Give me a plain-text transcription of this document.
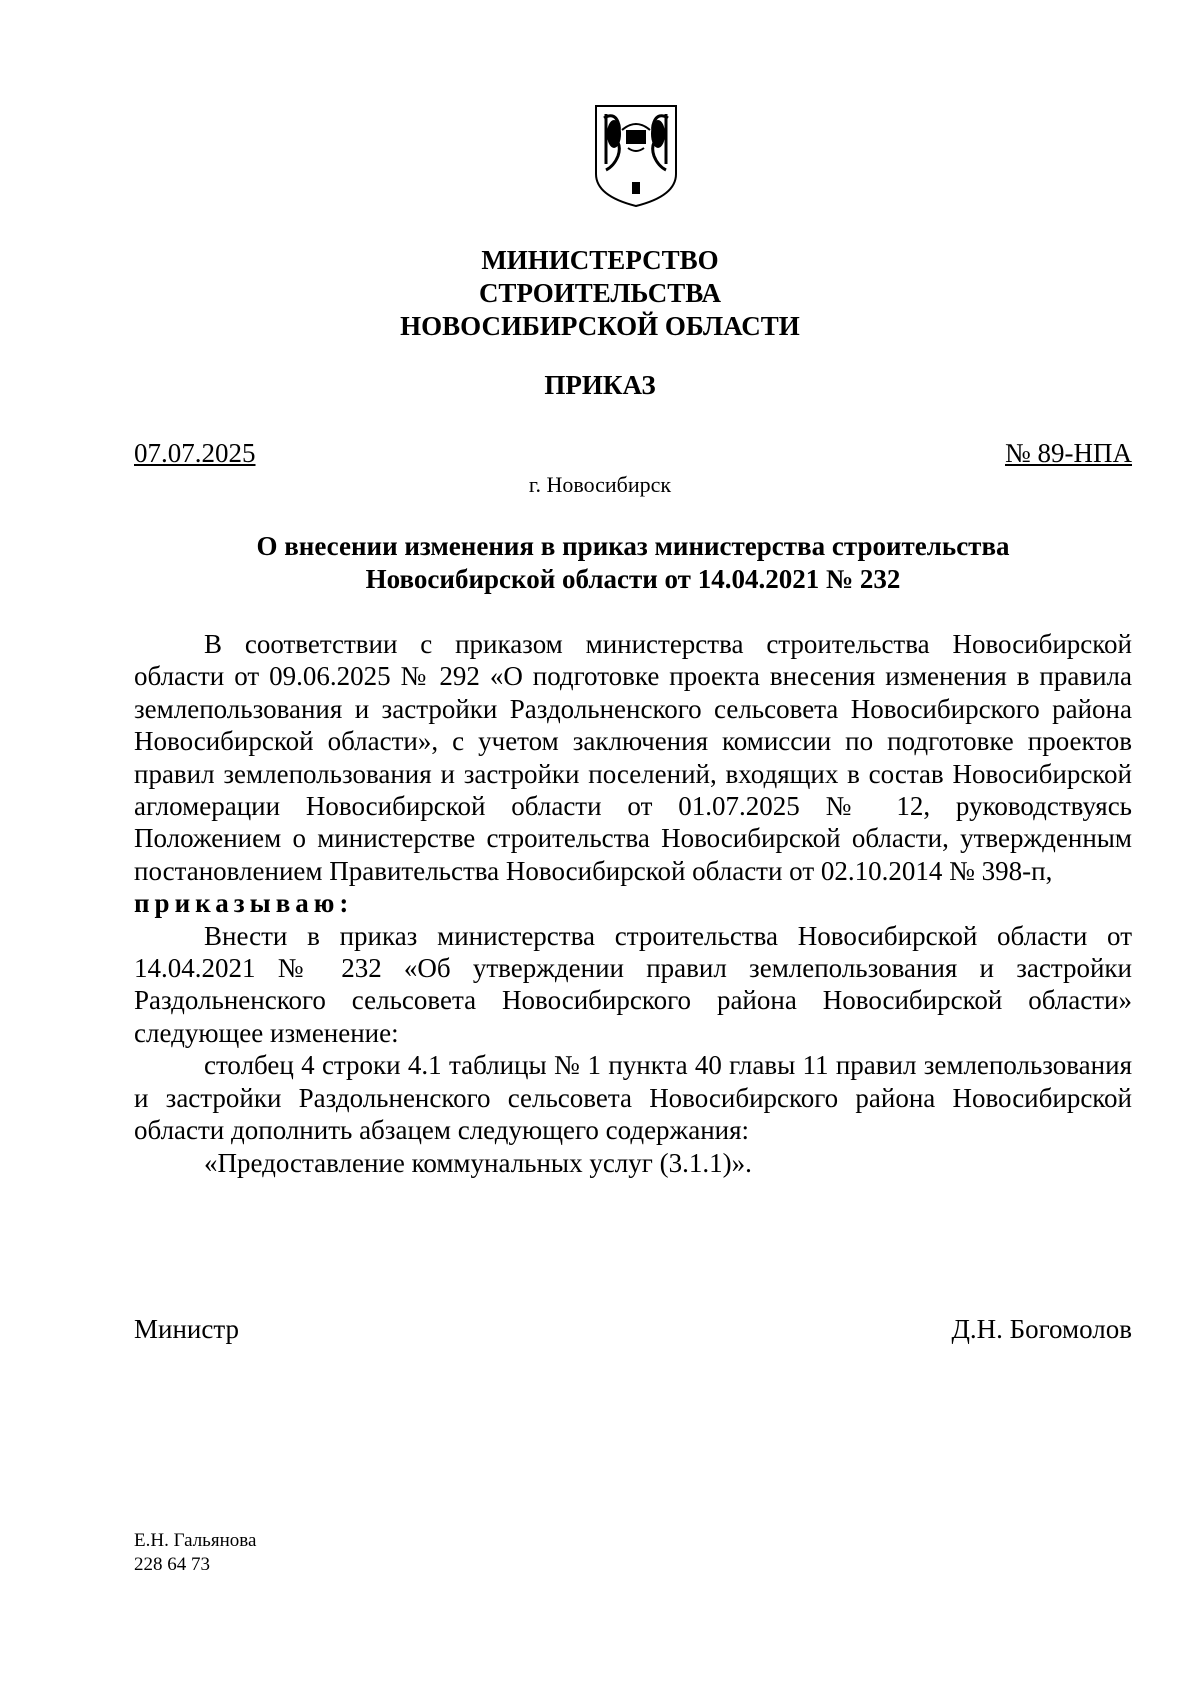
МИНИСТЕРСТВО
СТРОИТЕЛЬСТВА
НОВОСИБИРСКОЙ ОБЛАСТИ
ПРИКАЗ
07.07.2025	№ 89-НПА
г. Новосибирск
О внесении изменения в приказ министерства строительства
Новосибирской области от 14.04.2021 № 232

В соответствии с приказом министерства строительства Новосибирской области от 09.06.2025 № 292 «О подготовке проекта внесения изменения в правила землепользования и застройки Раздольненского сельсовета Новосибирского района Новосибирской области», с учетом заключения комиссии по подготовке проектов правил землепользования и застройки поселений, входящих в состав Новосибирской агломерации Новосибирской области от 01.07.2025 № 12, руководствуясь Положением о министерстве строительства Новосибирской области, утвержденным постановлением Правительства Новосибирской области от 02.10.2014 № 398-п,

приказываю:

Внести в приказ министерства строительства Новосибирской области от 14.04.2021 № 232 «Об утверждении правил землепользования и застройки Раздольненского сельсовета Новосибирского района Новосибирской области» следующее изменение:

столбец 4 строки 4.1 таблицы № 1 пункта 40 главы 11 правил землепользования и застройки Раздольненского сельсовета Новосибирского района Новосибирской области дополнить абзацем следующего содержания:

«Предоставление коммунальных услуг (3.1.1)».

Министр	Д.Н. Богомолов
Е.Н. Гальянова
228 64 73
